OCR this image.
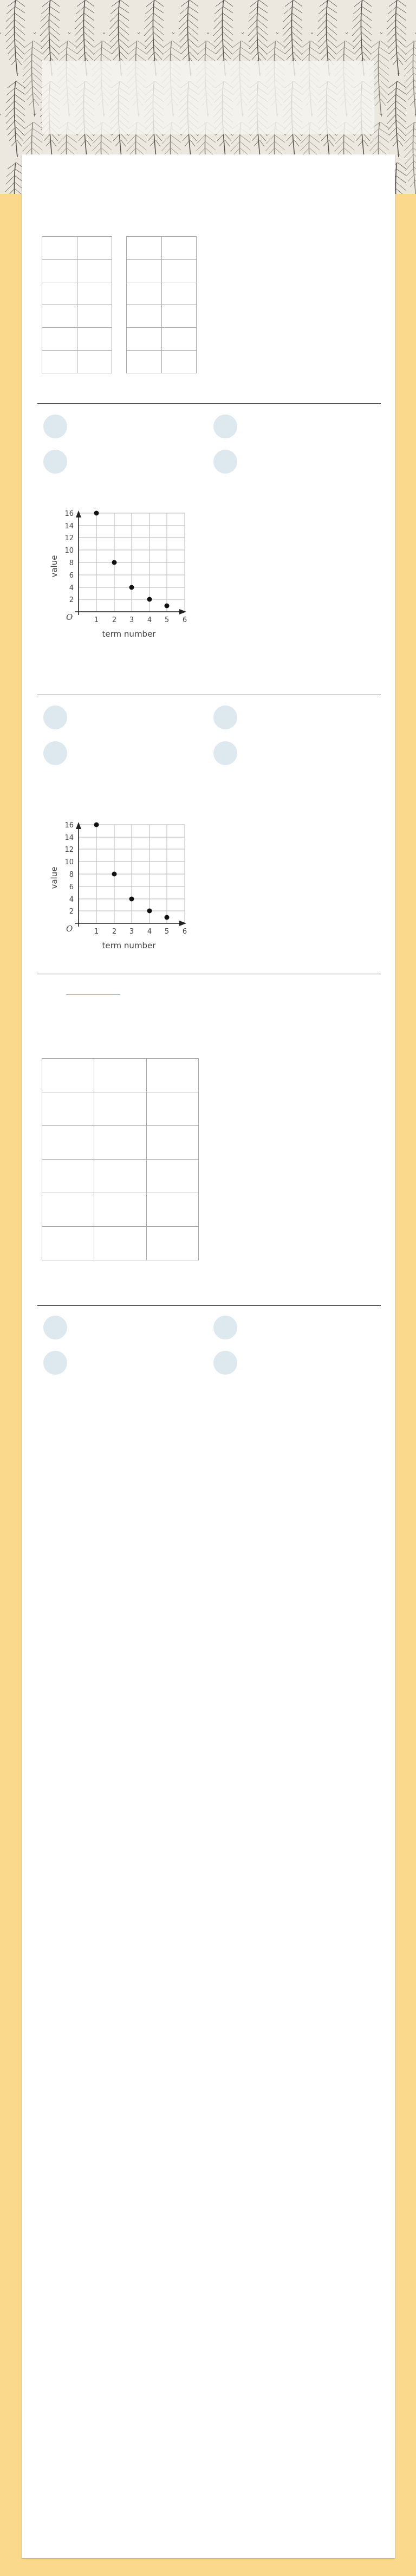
16
14
12
10
8
6
4
2
O	1 2 3 4 5 6
term number
value
16
14
12
10
8
6
4
2
O	1 2 3 4 5 6
term number
value
